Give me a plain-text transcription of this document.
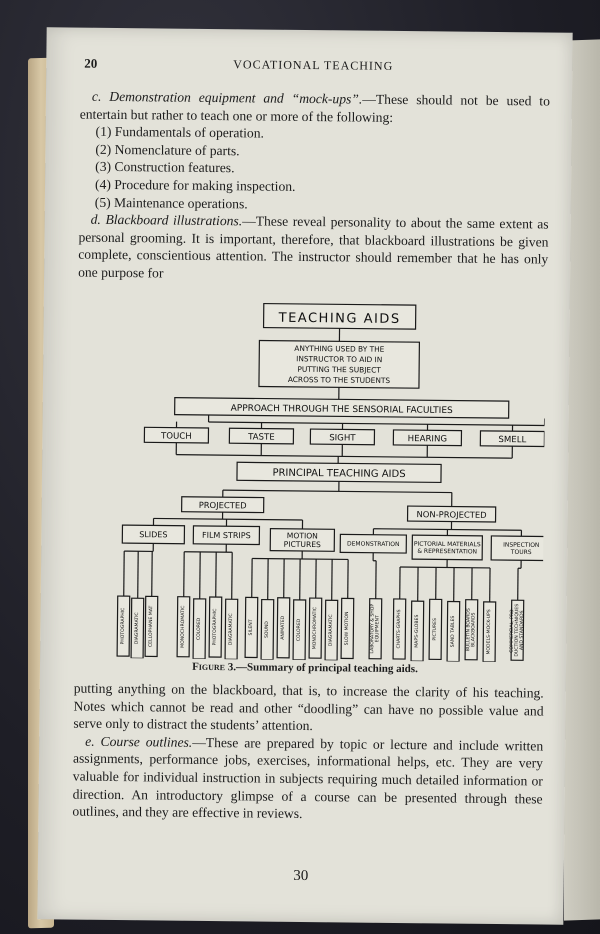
20	VOCATIONAL TEACHING

c. Demonstration equipment and “mock-ups”.—These should not be used to entertain but rather to teach one or more of the following:

(1) Fundamentals of operation.
(2) Nomenclature of parts.
(3) Construction features.
(4) Procedure for making inspection.
(5) Maintenance operations.

d. Blackboard illustrations.—These reveal personality to about the same extent as personal grooming. It is important, therefore, that blackboard illustrations be given complete, conscientious attention. The instructor should remember that he has only one purpose for

TEACHING AIDS
ANYTHING USED BY THE
INSTRUCTOR TO AID IN
PUTTING THE SUBJECT
ACROSS TO THE STUDENTS
APPROACH THROUGH THE SENSORIAL FACULTIES
TOUCH	TASTE	SIGHT	HEARING	SMELL
PRINCIPAL TEACHING AIDS
PROJECTED
NON-PROJECTED
SLIDES	FILM STRIPS	MOTION
PICTURES	DEMONSTRATION PICTORIAL MATERIALS
& REPRESENTATION
INSPECTION
TOURS
PHOTOGRAPHIC DIAGRAMATIC CELLOPHANE MAT	MONOCHROMATIC COLORED PHOTOGRAPHIC DIAGRAMATIC	SILENT SOUND ANIMATED COLORED MONOCHROMATIC DIAGRAMATIC SLOW MOTION	LABORATORY & SHOP EQUIPMENT	CHARTS-GRAPHS	MAPS-GLOBES	PICTURES	SAND TABLES BULLETIN BOARDS BLACKBOARDS MODELS-MOCK-UPS	COMMERCIAL, PRO- DUCTION TECHNIQUES AND STANDARDS
Figure 3.—Summary of principal teaching aids.

putting anything on the blackboard, that is, to increase the clarity of his teaching. Notes which cannot be read and other “doodling” can have no possible value and serve only to distract the students’ attention.

e. Course outlines.—These are prepared by topic or lecture and include written assignments, performance jobs, exercises, informational helps, etc. They are very valuable for individual instruction in subjects requiring much detailed information or direction. An introductory glimpse of a course can be presented through these outlines, and they are effective in reviews.

30
